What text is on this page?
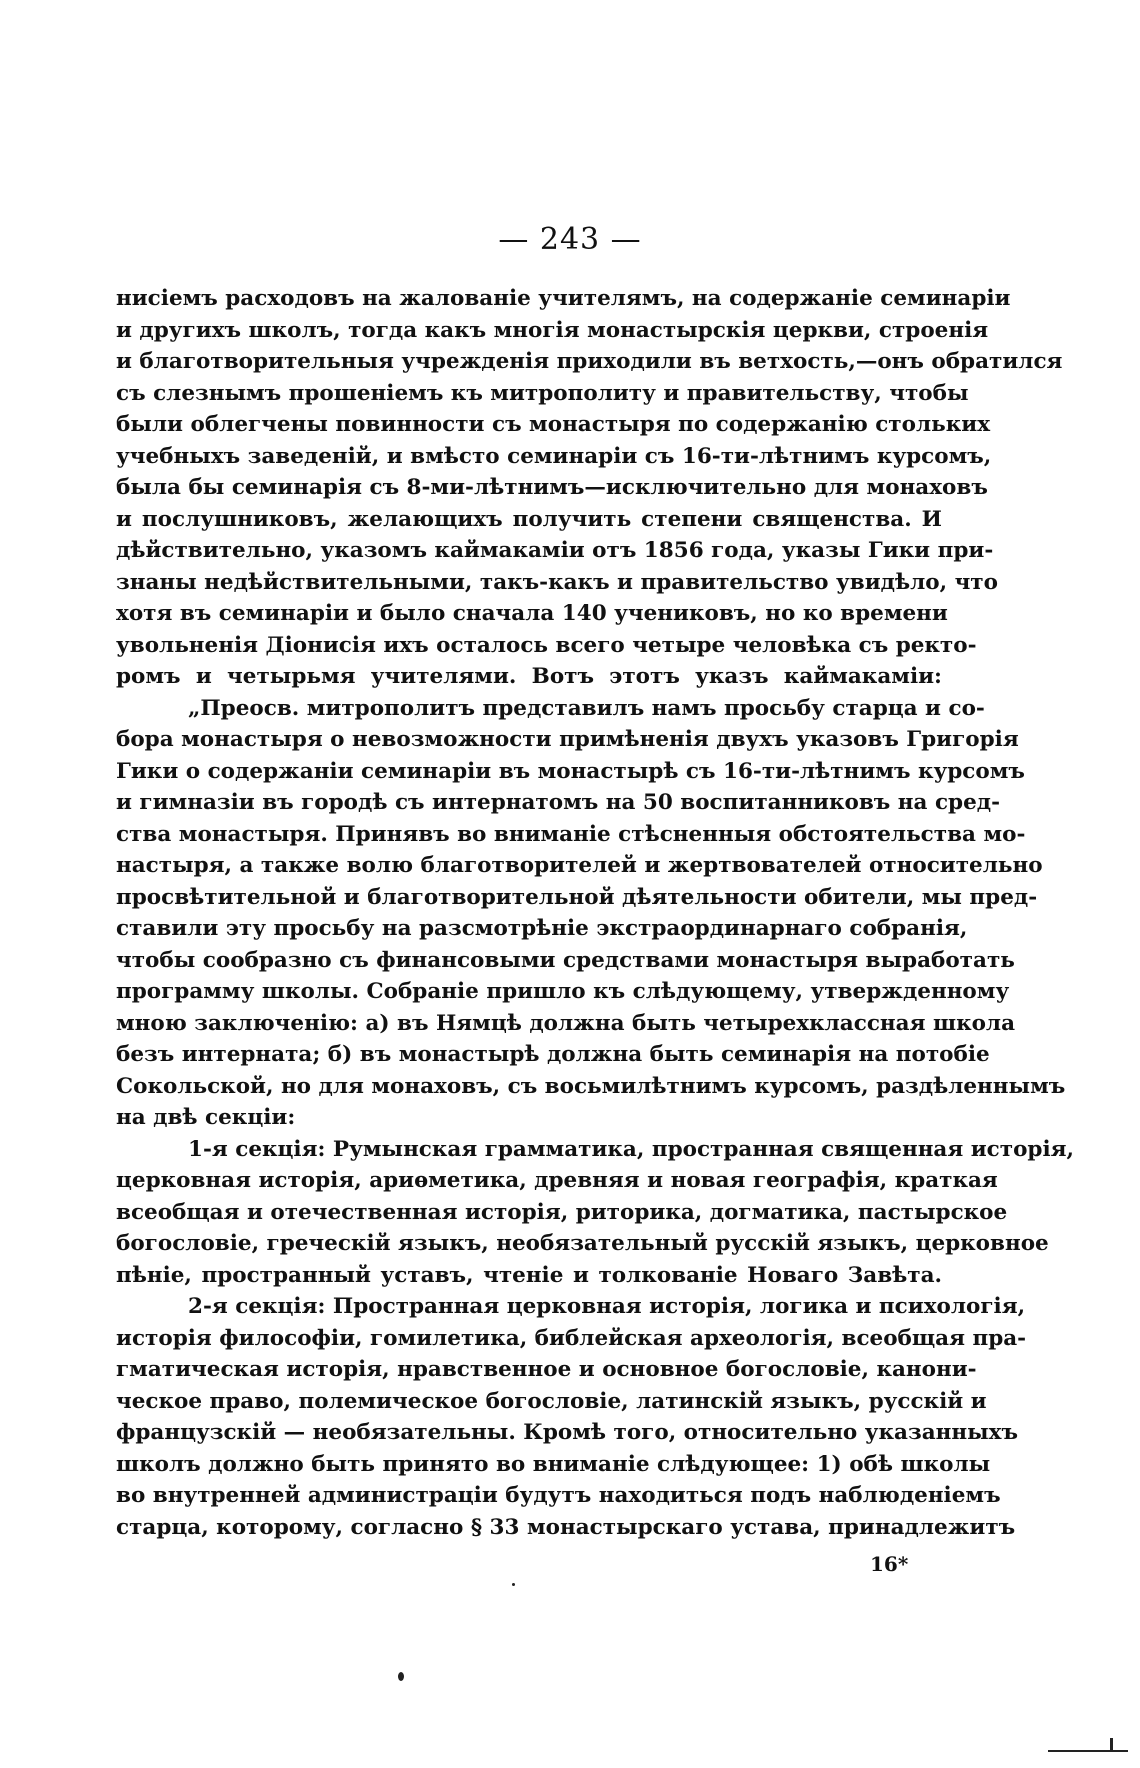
— 243 —
нисіемъ расходовъ на жалованіе учителямъ, на содержаніе семинаріи
и другихъ школъ, тогда какъ многія монастырскія церкви, строенія
и благотворительныя учрежденія приходили въ ветхость,—онъ обратился
съ слезнымъ прошеніемъ къ митрополиту и правительству, чтобы
были облегчены повинности съ монастыря по содержанію стольких
учебныхъ заведеній, и вмѣсто семинаріи съ 16-ти-лѣтнимъ курсомъ,
была бы семинарія съ 8-ми-лѣтнимъ—исключительно для монаховъ
и послушниковъ, желающихъ получить степени священства. И
дѣйствительно, указомъ каймакаміи отъ 1856 года, указы Гики при-
знаны недѣйствительными, такъ-какъ и правительство увидѣло, что
хотя въ семинаріи и было сначала 140 учениковъ, но ко времени
увольненія Діонисія ихъ осталось всего четыре человѣка съ ректо-
ромъ и четырьмя учителями. Вотъ этотъ указъ каймакаміи:
„Преосв. митрополитъ представилъ намъ просьбу старца и со-
бора монастыря о невозможности примѣненія двухъ указовъ Григорія
Гики о содержаніи семинаріи въ монастырѣ съ 16-ти-лѣтнимъ курсомъ
и гимназіи въ городѣ съ интернатомъ на 50 воспитанниковъ на сред-
ства монастыря. Принявъ во вниманіе стѣсненныя обстоятельства мо-
настыря, а также волю благотворителей и жертвователей относительно
просвѣтительной и благотворительной дѣятельности обители, мы пред-
ставили эту просьбу на разсмотрѣніе экстраординарнаго собранія,
чтобы сообразно съ финансовыми средствами монастыря выработать
программу школы. Собраніе пришло къ слѣдующему, утвержденному
мною заключенію: а) въ Нямцѣ должна быть четырехклассная школа
безъ интерната; б) въ монастырѣ должна быть семинарія на потобіе
Сокольской, но для монаховъ, съ восьмилѣтнимъ курсомъ, раздѣленнымъ
на двѣ секціи:
1-я секція: Румынская грамматика, пространная священная исторія,
церковная исторія, ариѳметика, древняя и новая географія, краткая
всеобщая и отечественная исторія, риторика, догматика, пастырское
богословіе, греческій языкъ, необязательный русскій языкъ, церковное
пѣніе, пространный уставъ, чтеніе и толкованіе Новаго Завѣта.
2-я секція: Пространная церковная исторія, логика и психологія,
исторія философіи, гомилетика, библейская археологія, всеобщая пра-
гматическая исторія, нравственное и основное богословіе, канони-
ческое право, полемическое богословіе, латинскій языкъ, русскій и
французскій — необязательны. Кромѣ того, относительно указанныхъ
школъ должно быть принято во вниманіе слѣдующее: 1) обѣ школы
во внутренней администраціи будутъ находиться подъ наблюденіемъ
старца, которому, согласно § 33 монастырскаго устава, принадлежитъ
16*
